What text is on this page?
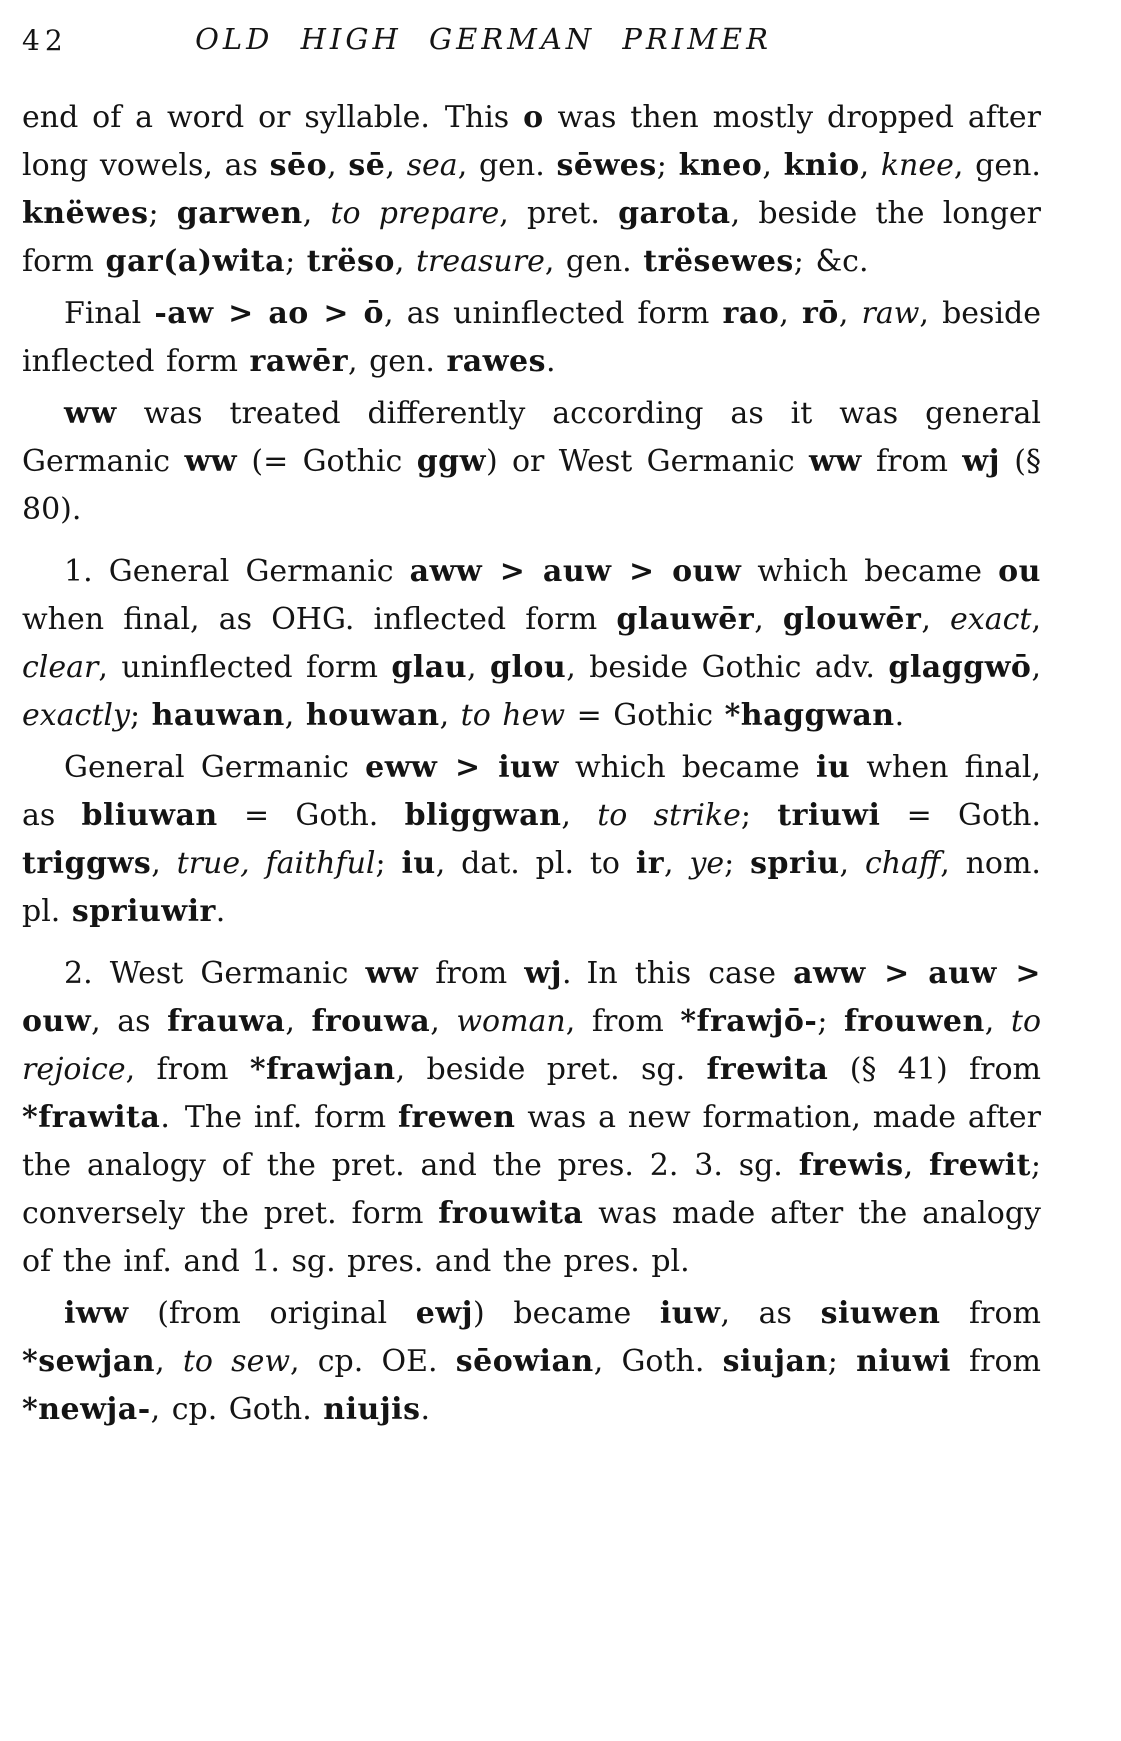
42	OLD HIGH GERMAN PRIMER

end of a word or syllable. This o was then mostly dropped after long vowels, as sēo, sē, sea, gen. sēwes; kneo, knio, knee, gen. knëwes; garwen, to prepare, pret. garota, beside the longer form gar(a)wita; trëso, treasure, gen. trësewes; &c.

Final -aw > ao > ō, as uninflected form rao, rō, raw, beside inflected form rawēr, gen. rawes.

ww was treated differently according as it was general Germanic ww (= Gothic ggw) or West Germanic ww from wj (§ 80).

1. General Germanic aww > auw > ouw which became ou when final, as OHG. inflected form glauwēr, glouwēr, exact, clear, uninflected form glau, glou, beside Gothic adv. glaggwō, exactly; hauwan, houwan, to hew = Gothic *haggwan.

General Germanic eww > iuw which became iu when final, as bliuwan = Goth. bliggwan, to strike; triuwi = Goth. triggws, true, faithful; iu, dat. pl. to ir, ye; spriu, chaff, nom. pl. spriuwir.

2. West Germanic ww from wj. In this case aww > auw > ouw, as frauwa, frouwa, woman, from *frawjō-; frouwen, to rejoice, from *frawjan, beside pret. sg. frewita (§ 41) from *frawita. The inf. form frewen was a new formation, made after the analogy of the pret. and the pres. 2. 3. sg. frewis, frewit; conversely the pret. form frouwita was made after the analogy of the inf. and 1. sg. pres. and the pres. pl.

iww (from original ewj) became iuw, as siuwen from *sewjan, to sew, cp. OE. sēowian, Goth. siujan; niuwi from *newja-, cp. Goth. niujis.
